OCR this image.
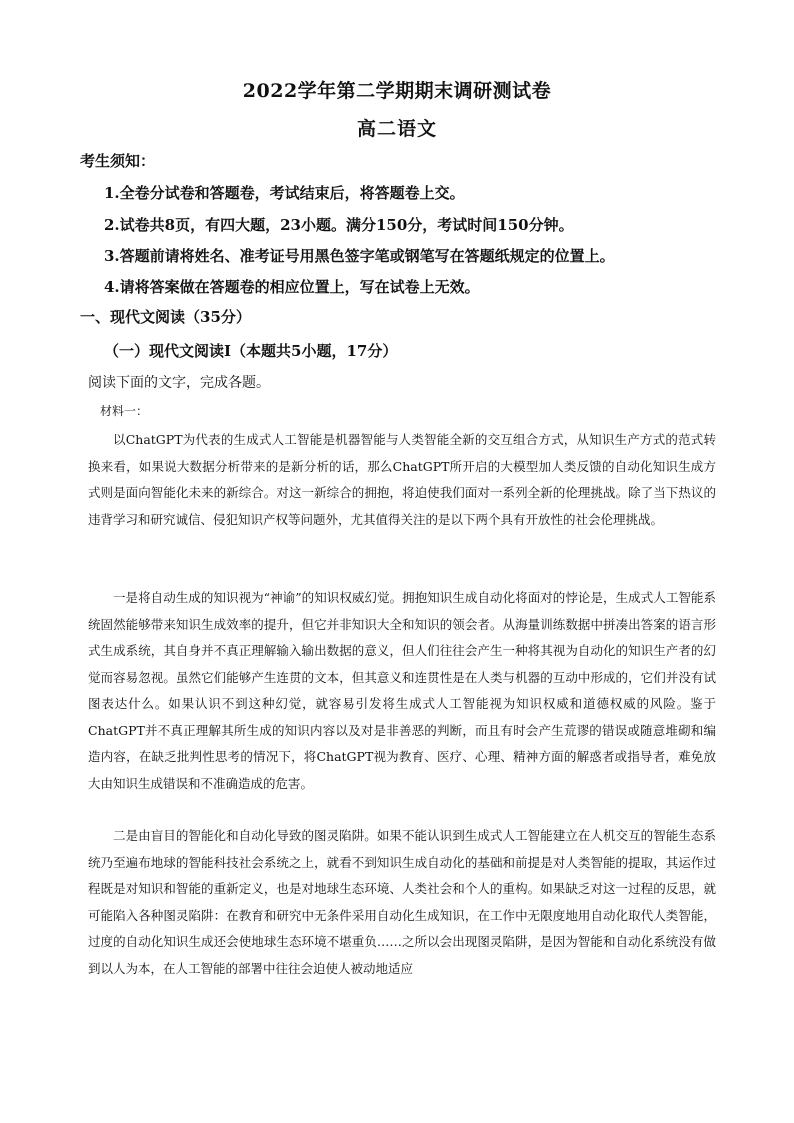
2022学年第二学期期末调研测试卷
高二语文
考生须知：
1.全卷分试卷和答题卷，考试结束后，将答题卷上交。
2.试卷共8页，有四大题，23小题。满分150分，考试时间150分钟。
3.答题前请将姓名、准考证号用黑色签字笔或钢笔写在答题纸规定的位置上。
4.请将答案做在答题卷的相应位置上，写在试卷上无效。
一、现代文阅读（35分）
（一）现代文阅读Ⅰ（本题共5小题，17分）
阅读下面的文字，完成各题。
材料一：

以ChatGPT为代表的生成式人工智能是机器智能与人类智能全新的交互组合方式，从知识生产方式的范式转换来看，如果说大数据分析带来的是新分析的话，那么ChatGPT所开启的大模型加人类反馈的自动化知识生成方式则是面向智能化未来的新综合。对这一新综合的拥抱，将迫使我们面对一系列全新的伦理挑战。除了当下热议的违背学习和研究诚信、侵犯知识产权等问题外，尤其值得关注的是以下两个具有开放性的社会伦理挑战。

一是将自动生成的知识视为“神谕”的知识权威幻觉。拥抱知识生成自动化将面对的悖论是，生成式人工智能系统固然能够带来知识生成效率的提升，但它并非知识大全和知识的领会者。从海量训练数据中拼凑出答案的语言形式生成系统，其自身并不真正理解输入输出数据的意义，但人们往往会产生一种将其视为自动化的知识生产者的幻觉而容易忽视。虽然它们能够产生连贯的文本，但其意义和连贯性是在人类与机器的互动中形成的，它们并没有试图表达什么。如果认识不到这种幻觉，就容易引发将生成式人工智能视为知识权威和道德权威的风险。鉴于ChatGPT并不真正理解其所生成的知识内容以及对是非善恶的判断，而且有时会产生荒谬的错误或随意堆砌和编造内容，在缺乏批判性思考的情况下，将ChatGPT视为教育、医疗、心理、精神方面的解惑者或指导者，难免放大由知识生成错误和不准确造成的危害。

二是由盲目的智能化和自动化导致的图灵陷阱。如果不能认识到生成式人工智能建立在人机交互的智能生态系统乃至遍布地球的智能科技社会系统之上，就看不到知识生成自动化的基础和前提是对人类智能的提取，其运作过程既是对知识和智能的重新定义，也是对地球生态环境、人类社会和个人的重构。如果缺乏对这一过程的反思，就可能陷入各种图灵陷阱：在教育和研究中无条件采用自动化生成知识，在工作中无限度地用自动化取代人类智能，过度的自动化知识生成还会使地球生态环境不堪重负……之所以会出现图灵陷阱，是因为智能和自动化系统没有做到以人为本，在人工智能的部署中往往会迫使人被动地适应
